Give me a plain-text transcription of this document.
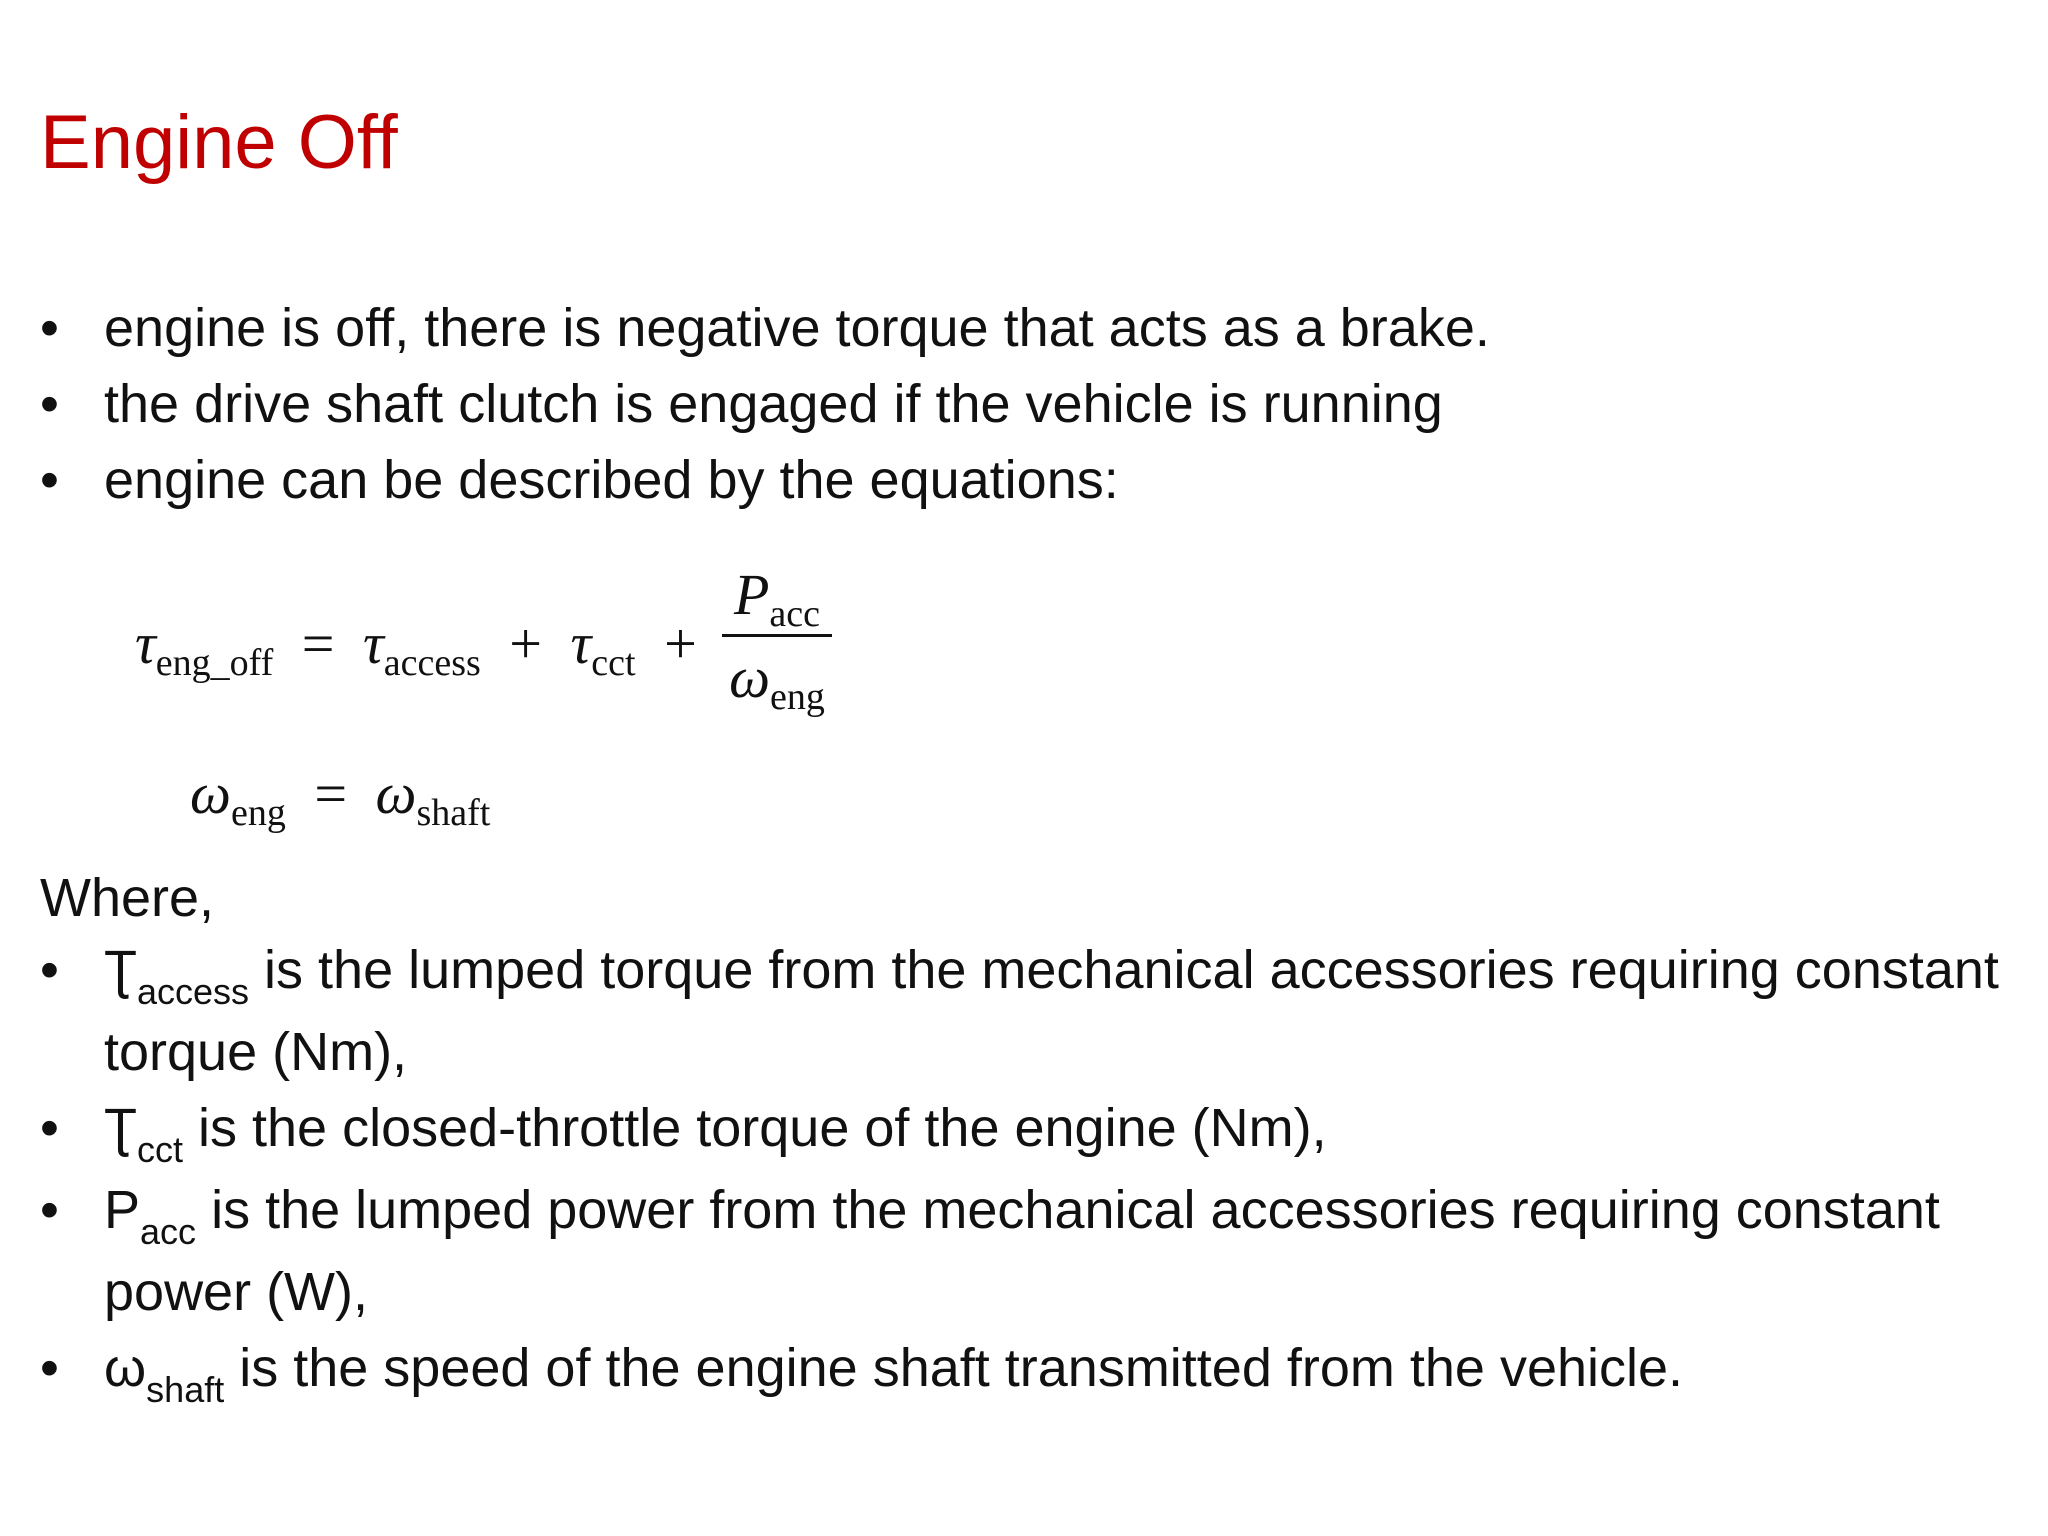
Engine Off
• engine is off, there is negative torque that acts as a brake.
• the drive shaft clutch is engaged if the vehicle is running
• engine can be described by the equations:
$\tau_{eng\_off} = \tau_{access} + \tau_{cct}$ +
$P_{acc}$
$\omega_{eng}$
$\omega_{eng} = \omega_{shaft}$
Where,
• $Ʈ_{access}$ is the lumped torque from the mechanical accessories requiring constant torque (Nm),
• $Ʈ_{cct}$ is the closed-throttle torque of the engine (Nm),
• $P_{acc}$ is the lumped power from the mechanical accessories requiring constant power (W),
• $\omega_{shaft}$ is the speed of the engine shaft transmitted from the vehicle.
